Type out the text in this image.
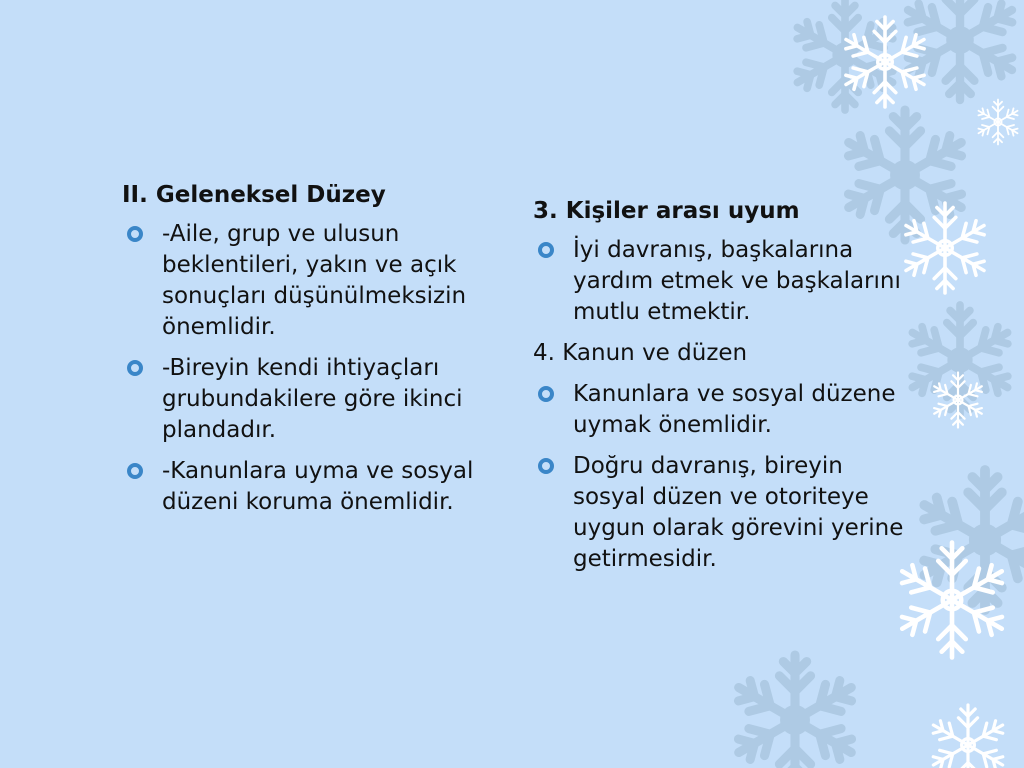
II. Geleneksel Düzey
-Aile, grup ve ulusun beklentileri, yakın ve açık sonuçları düşünülmeksizin önemlidir.
-Bireyin kendi ihtiyaçları grubundakilere göre ikinci plandadır.
-Kanunlara uyma ve sosyal düzeni koruma önemlidir.
3. Kişiler arası uyum
İyi davranış, başkalarına yardım etmek ve başkalarını mutlu etmektir.
4. Kanun ve düzen
Kanunlara ve sosyal düzene uymak önemlidir.
Doğru davranış, bireyin sosyal düzen ve otoriteye uygun olarak görevini yerine getirmesidir.
